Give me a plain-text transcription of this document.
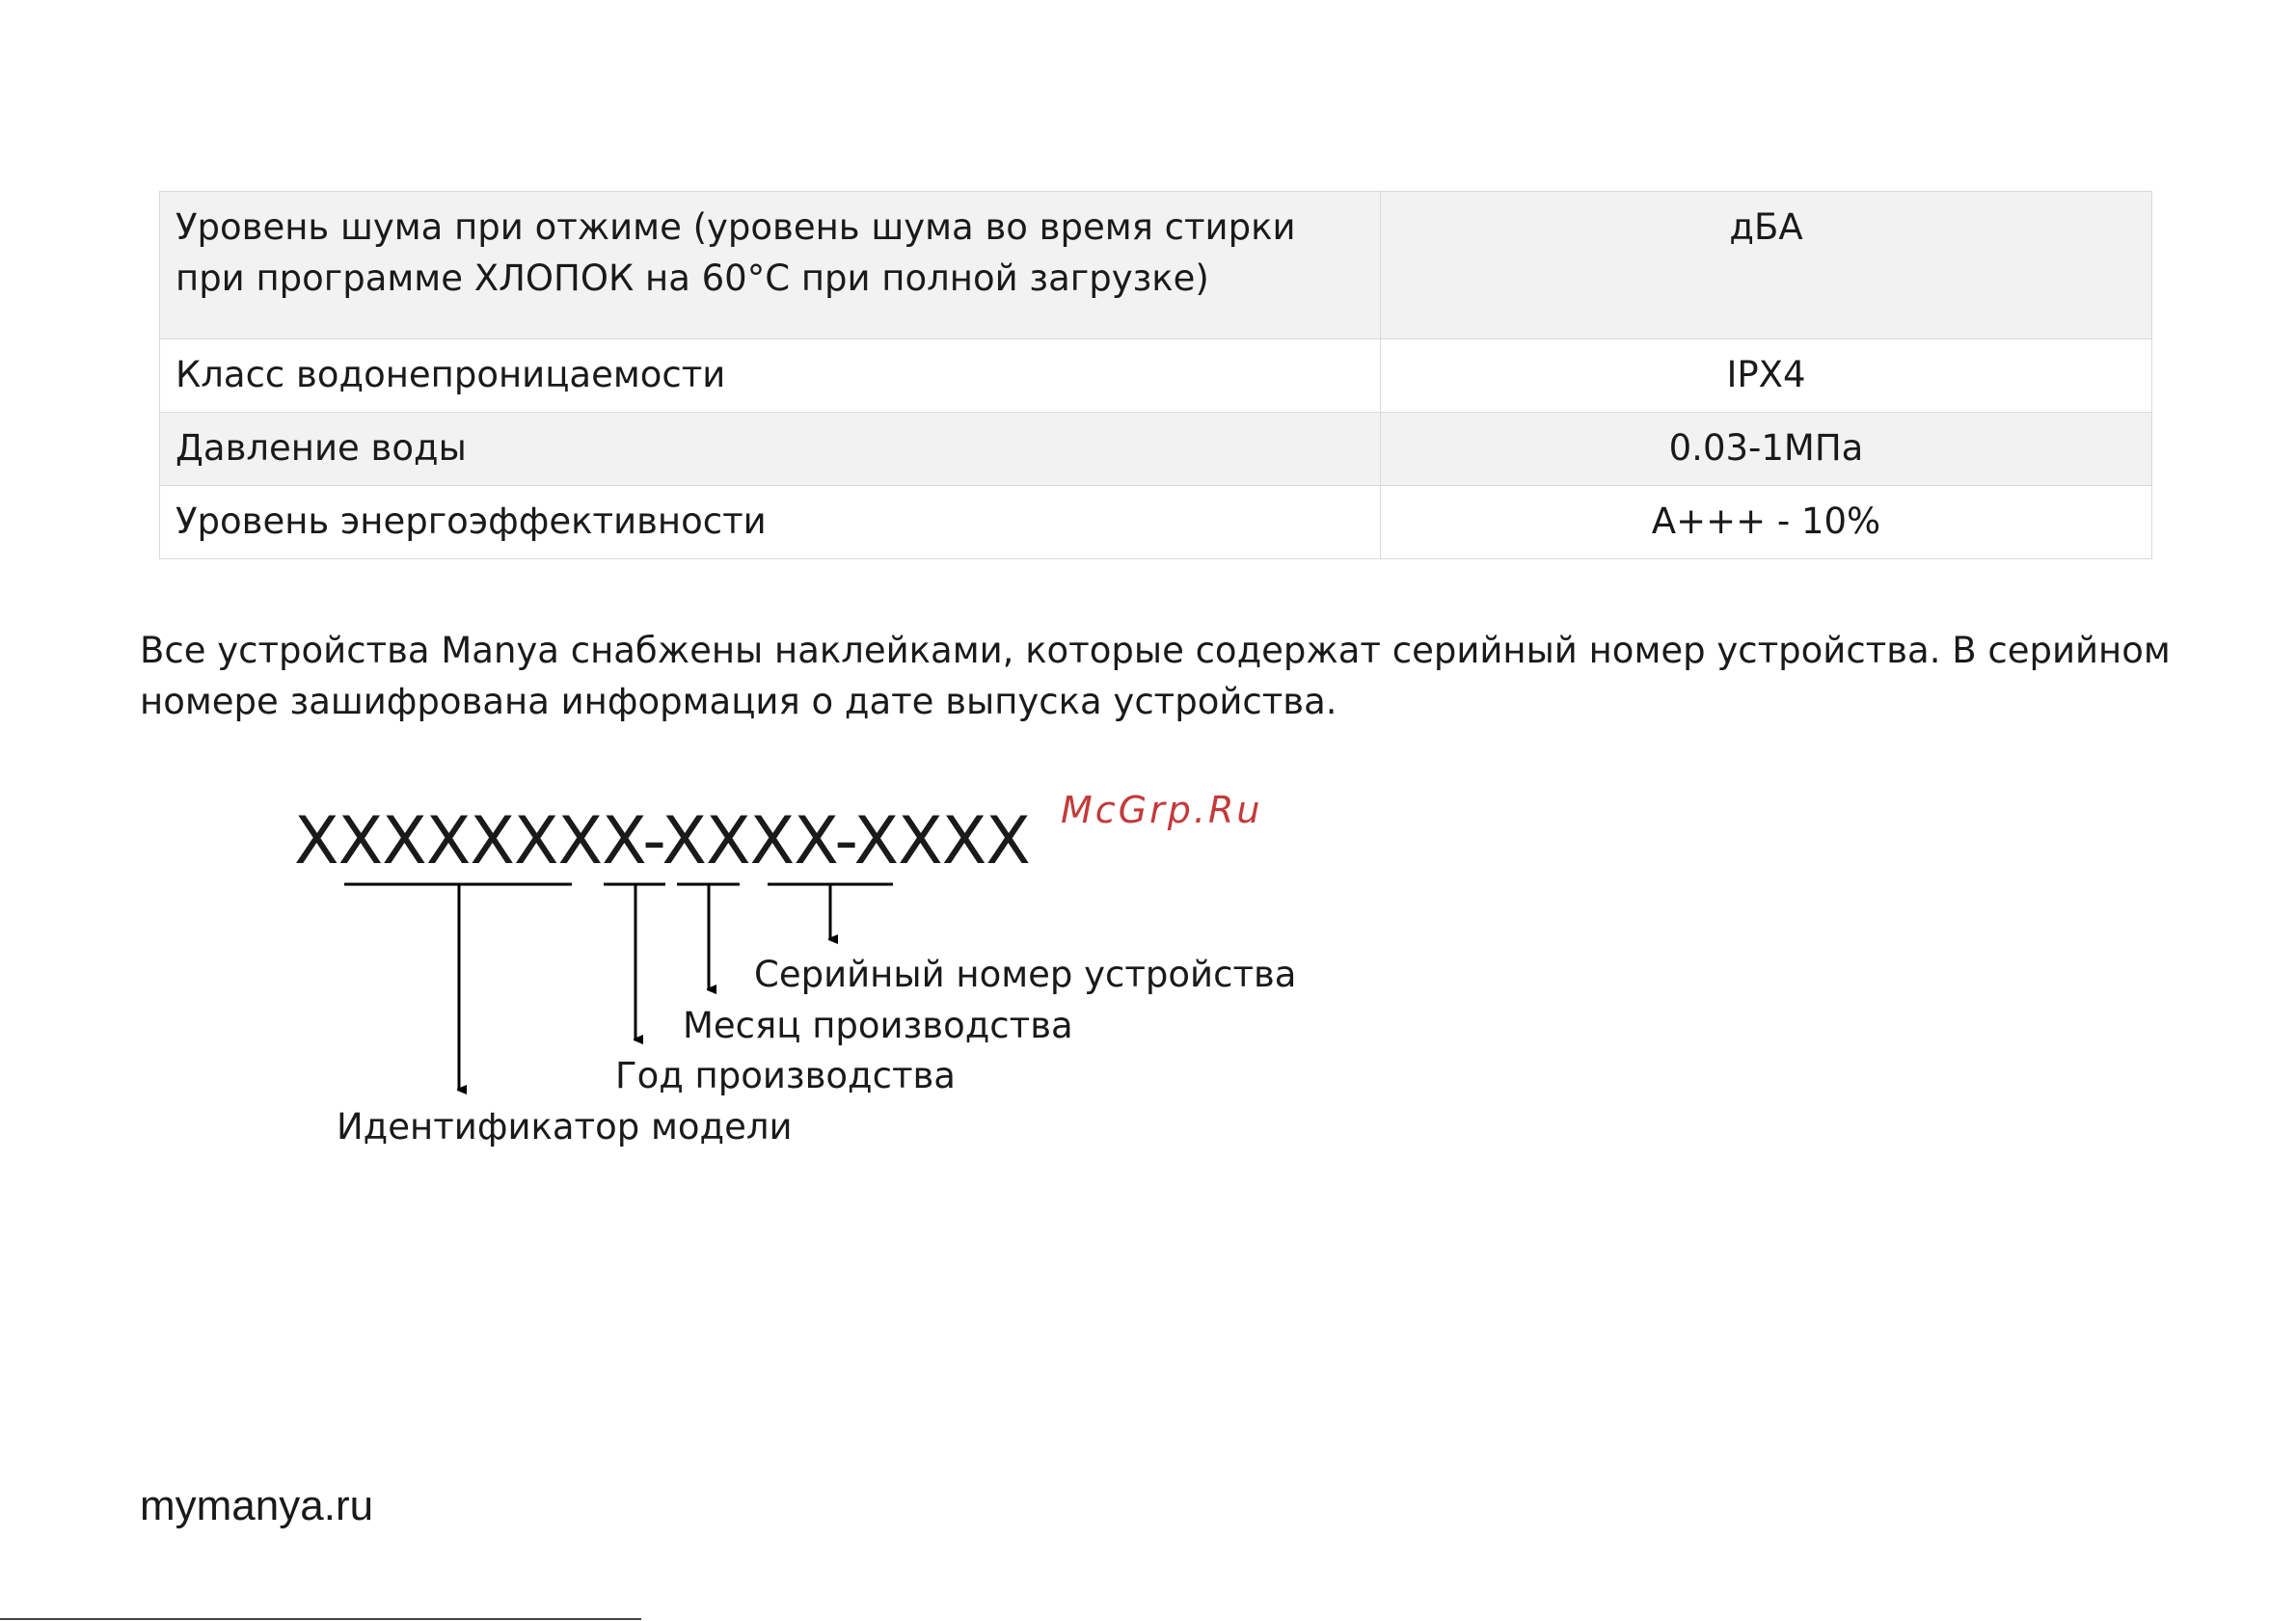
Уровень шума при отжиме (уровень шума во время стирки при программе ХЛОПОК на 60°С при полной загрузке)	дБА
Класс водонепроницаемости	IPX4
Давление воды	0.03-1МПа
Уровень энергоэффективности	А+++ - 10%
Все устройства Manya снабжены наклейками, которые содержат серийный номер устройства. В серийном номере зашифрована информация о дате выпуска устройства.
XXXXXXXX-XXXX-XXXX McGrp.Ru
Серийный номер устройства
Месяц производства
Год производства
Идентификатор модели
mymanya.ru
